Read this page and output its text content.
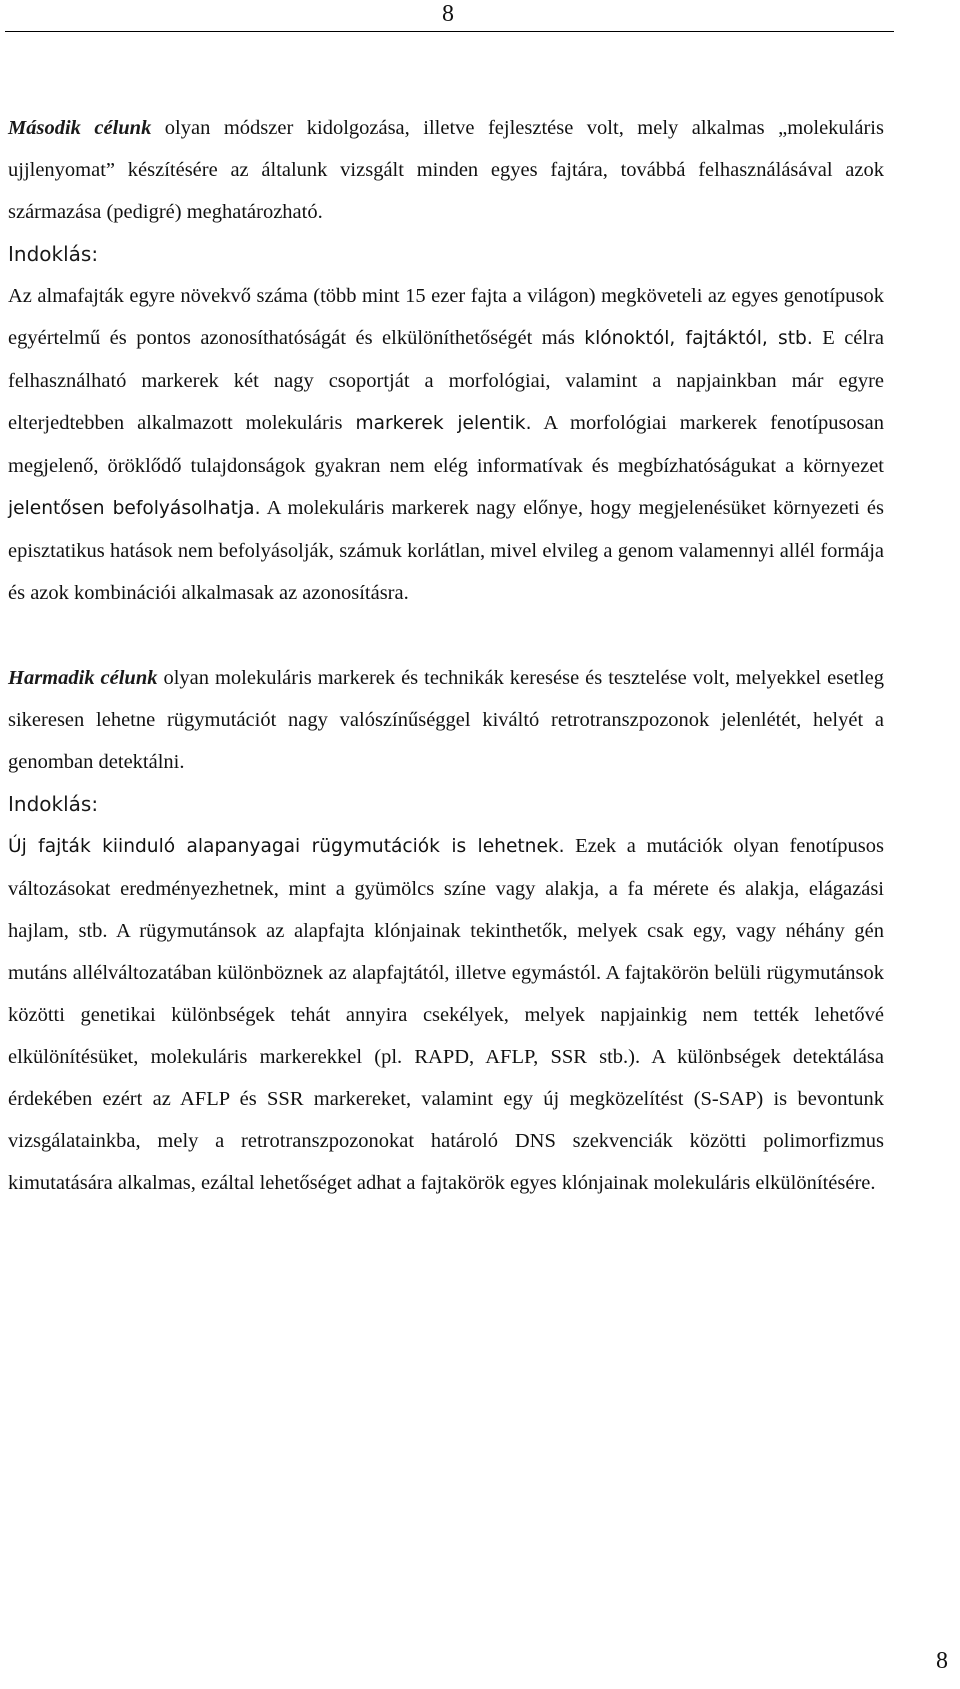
8
Második célunk olyan módszer kidolgozása, illetve fejlesztése volt, mely alkalmas „molekuláris ujjlenyomat” készítésére az általunk vizsgált minden egyes fajtára, továbbá felhasználásával azok származása (pedigré) meghatározható.
Indoklás:
Az almafajták egyre növekvő száma (több mint 15 ezer fajta a világon) megköveteli az egyes genotípusok egyértelmű és pontos azonosíthatóságát és elkülöníthetőségét más klónoktól, fajtáktól, stb. E célra felhasználható markerek két nagy csoportját a morfológiai, valamint a napjainkban már egyre elterjedtebben alkalmazott molekuláris markerek jelentik. A morfológiai markerek fenotípusosan megjelenő, öröklődő tulajdonságok gyakran nem elég informatívak és megbízhatóságukat a környezet jelentősen befolyásolhatja. A molekuláris markerek nagy előnye, hogy megjelenésüket környezeti és episztatikus hatások nem befolyásolják, számuk korlátlan, mivel elvileg a genom valamennyi allél formája és azok kombinációi alkalmasak az azonosításra.
Harmadik célunk olyan molekuláris markerek és technikák keresése és tesztelése volt, melyekkel esetleg sikeresen lehetne rügymutációt nagy valószínűséggel kiváltó retrotranszpozonok jelenlétét, helyét a genomban detektálni.
Indoklás:
Új fajták kiinduló alapanyagai rügymutációk is lehetnek. Ezek a mutációk olyan fenotípusos változásokat eredményezhetnek, mint a gyümölcs színe vagy alakja, a fa mérete és alakja, elágazási hajlam, stb. A rügymutánsok az alapfajta klónjainak tekinthetők, melyek csak egy, vagy néhány gén mutáns allélváltozatában különböznek az alapfajtától, illetve egymástól. A fajtakörön belüli rügymutánsok közötti genetikai különbségek tehát annyira csekélyek, melyek napjainkig nem tették lehetővé elkülönítésüket, molekuláris markerekkel (pl. RAPD, AFLP, SSR stb.). A különbségek detektálása érdekében ezért az AFLP és SSR markereket, valamint egy új megközelítést (S-SAP) is bevontunk vizsgálatainkba, mely a retrotranszpozonokat határoló DNS szekvenciák közötti polimorfizmus kimutatására alkalmas, ezáltal lehetőséget adhat a fajtakörök egyes klónjainak molekuláris elkülönítésére.
8
